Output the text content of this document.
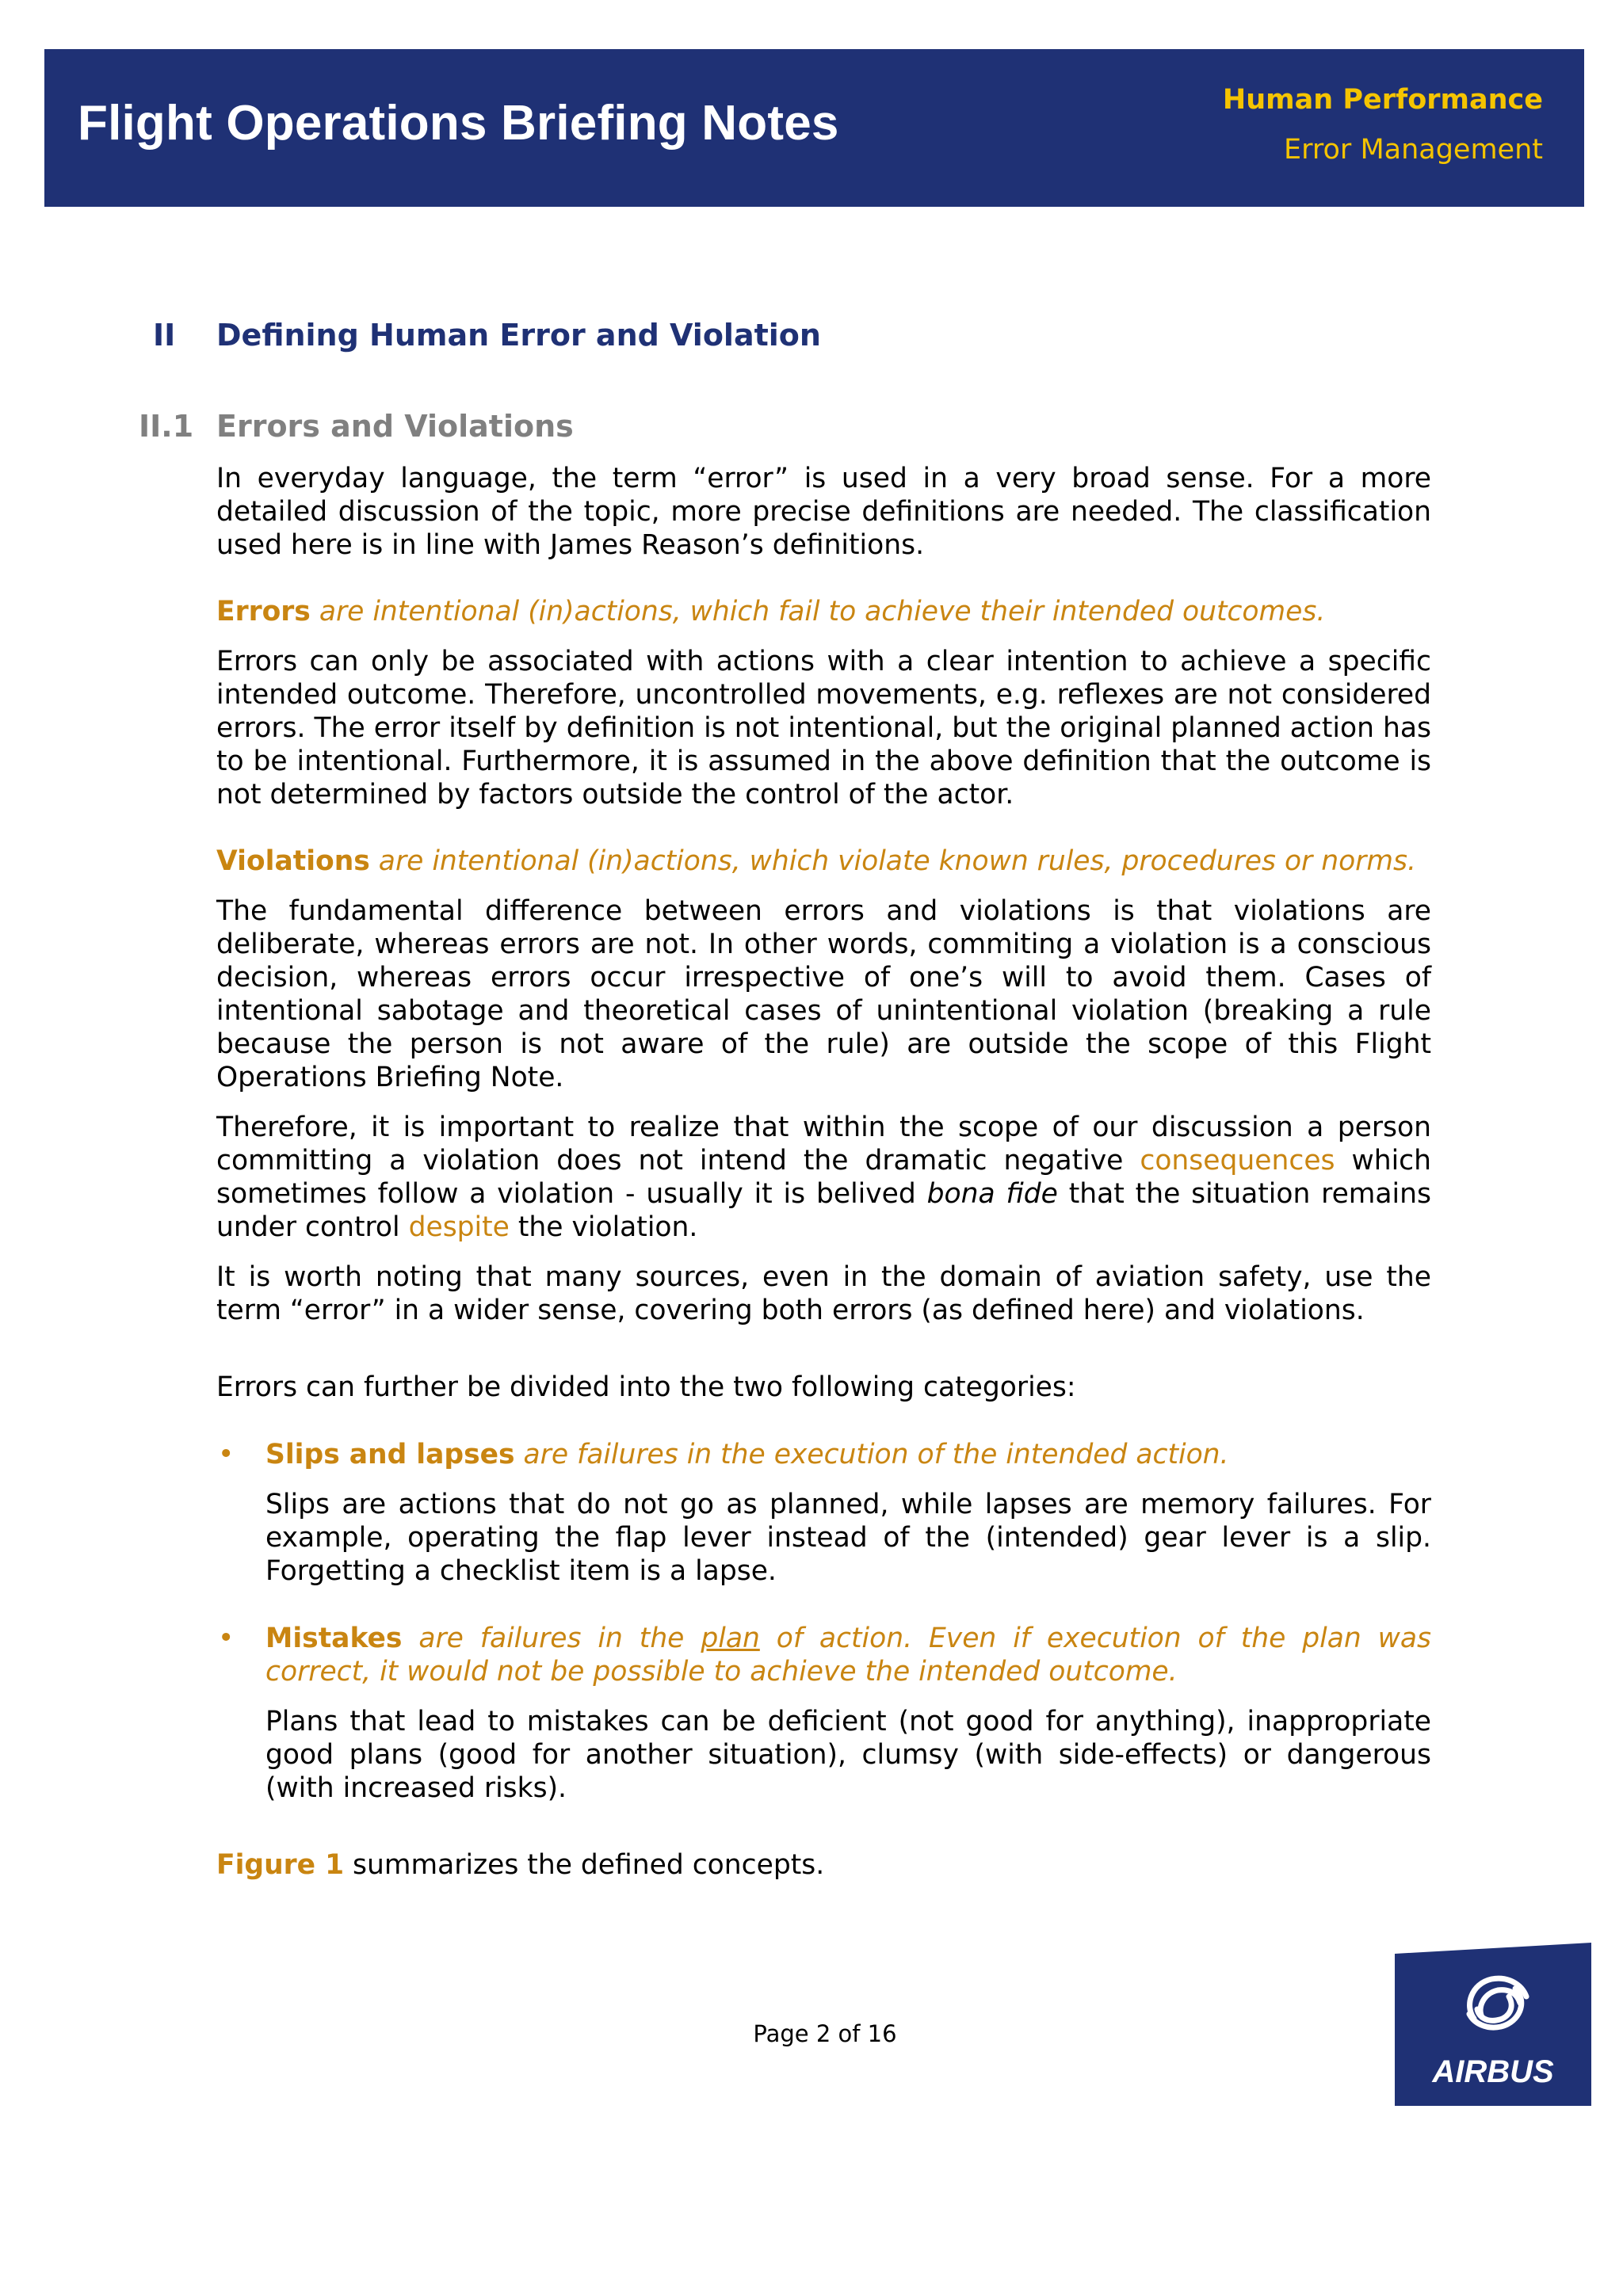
Flight Operations Briefing Notes	Human Performance
Error Management
II Defining Human Error and Violation
II.1 Errors and Violations

In everyday language, the term “error” is used in a very broad sense. For a more detailed discussion of the topic, more precise definitions are needed. The classification used here is in line with James Reason’s definitions.

Errors are intentional (in)actions, which fail to achieve their intended outcomes.

Errors can only be associated with actions with a clear intention to achieve a specific intended outcome. Therefore, uncontrolled movements, e.g. reflexes are not considered errors. The error itself by definition is not intentional, but the original planned action has to be intentional. Furthermore, it is assumed in the above definition that the outcome is not determined by factors outside the control of the actor.

Violations are intentional (in)actions, which violate known rules, procedures or norms.

The fundamental difference between errors and violations is that violations are deliberate, whereas errors are not. In other words, commiting a violation is a conscious decision, whereas errors occur irrespective of one’s will to avoid them. Cases of intentional sabotage and theoretical cases of unintentional violation (breaking a rule because the person is not aware of the rule) are outside the scope of this Flight Operations Briefing Note.

Therefore, it is important to realize that within the scope of our discussion a person committing a violation does not intend the dramatic negative consequences which sometimes follow a violation - usually it is belived bona fide that the situation remains under control despite the violation.

It is worth noting that many sources, even in the domain of aviation safety, use the term “error” in a wider sense, covering both errors (as defined here) and violations.

Errors can further be divided into the two following categories:

• Slips and lapses are failures in the execution of the intended action.

Slips are actions that do not go as planned, while lapses are memory failures. For example, operating the flap lever instead of the (intended) gear lever is a slip. Forgetting a checklist item is a lapse.

• Mistakes are failures in the plan of action. Even if execution of the plan was correct, it would not be possible to achieve the intended outcome.

Plans that lead to mistakes can be deficient (not good for anything), inappropriate good plans (good for another situation), clumsy (with side-effects) or dangerous (with increased risks).

Figure 1 summarizes the defined concepts.

Page 2 of 16
AIRBUS
